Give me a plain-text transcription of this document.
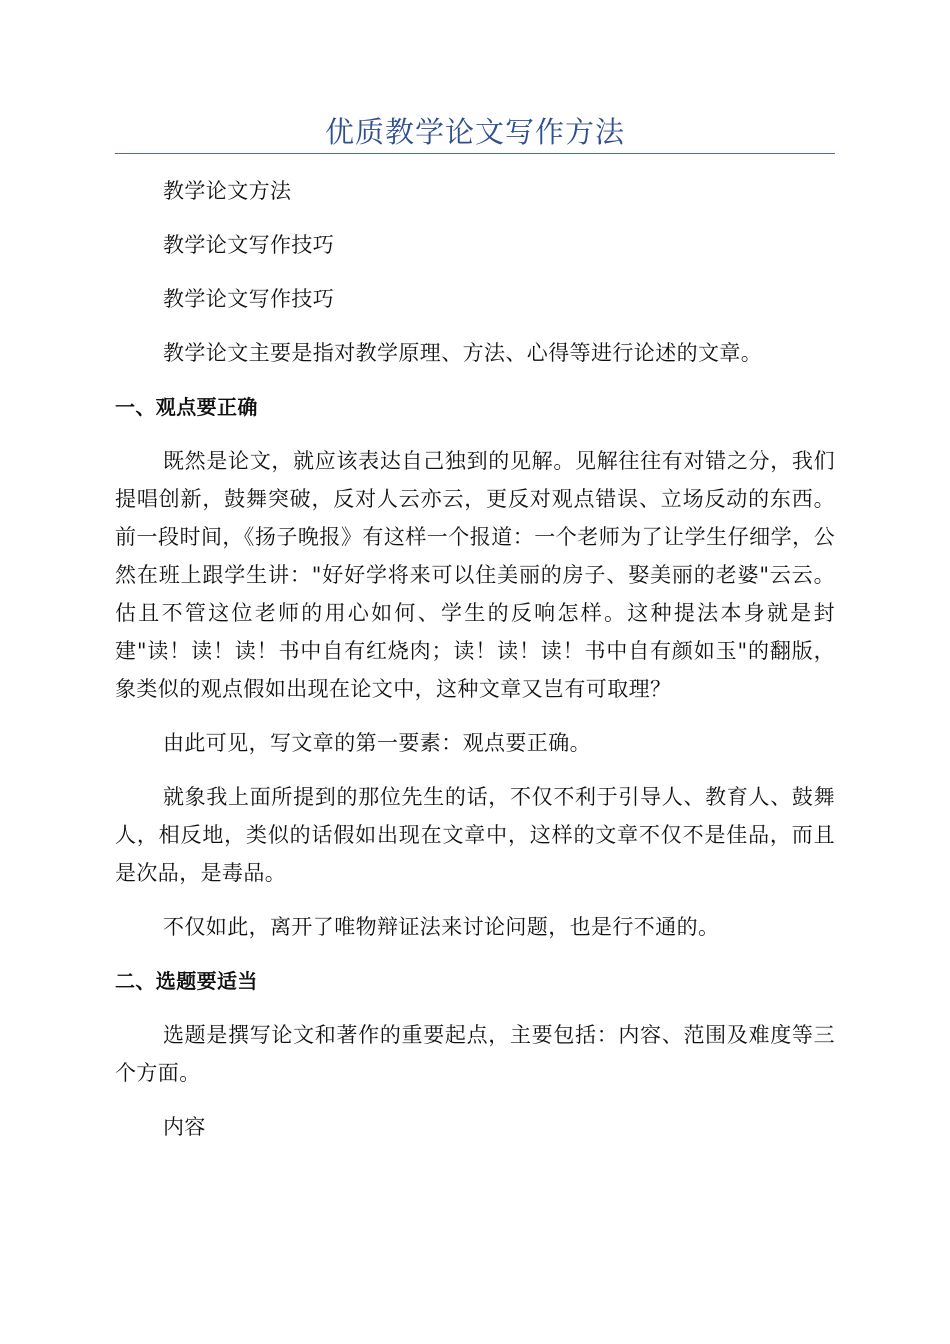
优质教学论文写作方法

教学论文方法

教学论文写作技巧

教学论文写作技巧

教学论文主要是指对教学原理、方法、心得等进行论述的文章。

一、观点要正确

既然是论文，就应该表达自己独到的见解。见解往往有对错之分，我们提唱创新，鼓舞突破，反对人云亦云，更反对观点错误、立场反动的东西。前一段时间，《扬子晚报》有这样一个报道：一个老师为了让学生仔细学，公然在班上跟学生讲："好好学将来可以住美丽的房子、娶美丽的老婆"云云。估且不管这位老师的用心如何、学生的反响怎样。这种提法本身就是封建"读！读！读！书中自有红烧肉；读！读！读！书中自有颜如玉"的翻版，象类似的观点假如出现在论文中，这种文章又岂有可取理？

由此可见，写文章的第一要素：观点要正确。

就象我上面所提到的那位先生的话，不仅不利于引导人、教育人、鼓舞人，相反地，类似的话假如出现在文章中，这样的文章不仅不是佳品，而且是次品，是毒品。

不仅如此，离开了唯物辩证法来讨论问题，也是行不通的。

二、选题要适当

选题是撰写论文和著作的重要起点，主要包括：内容、范围及难度等三个方面。

内容
